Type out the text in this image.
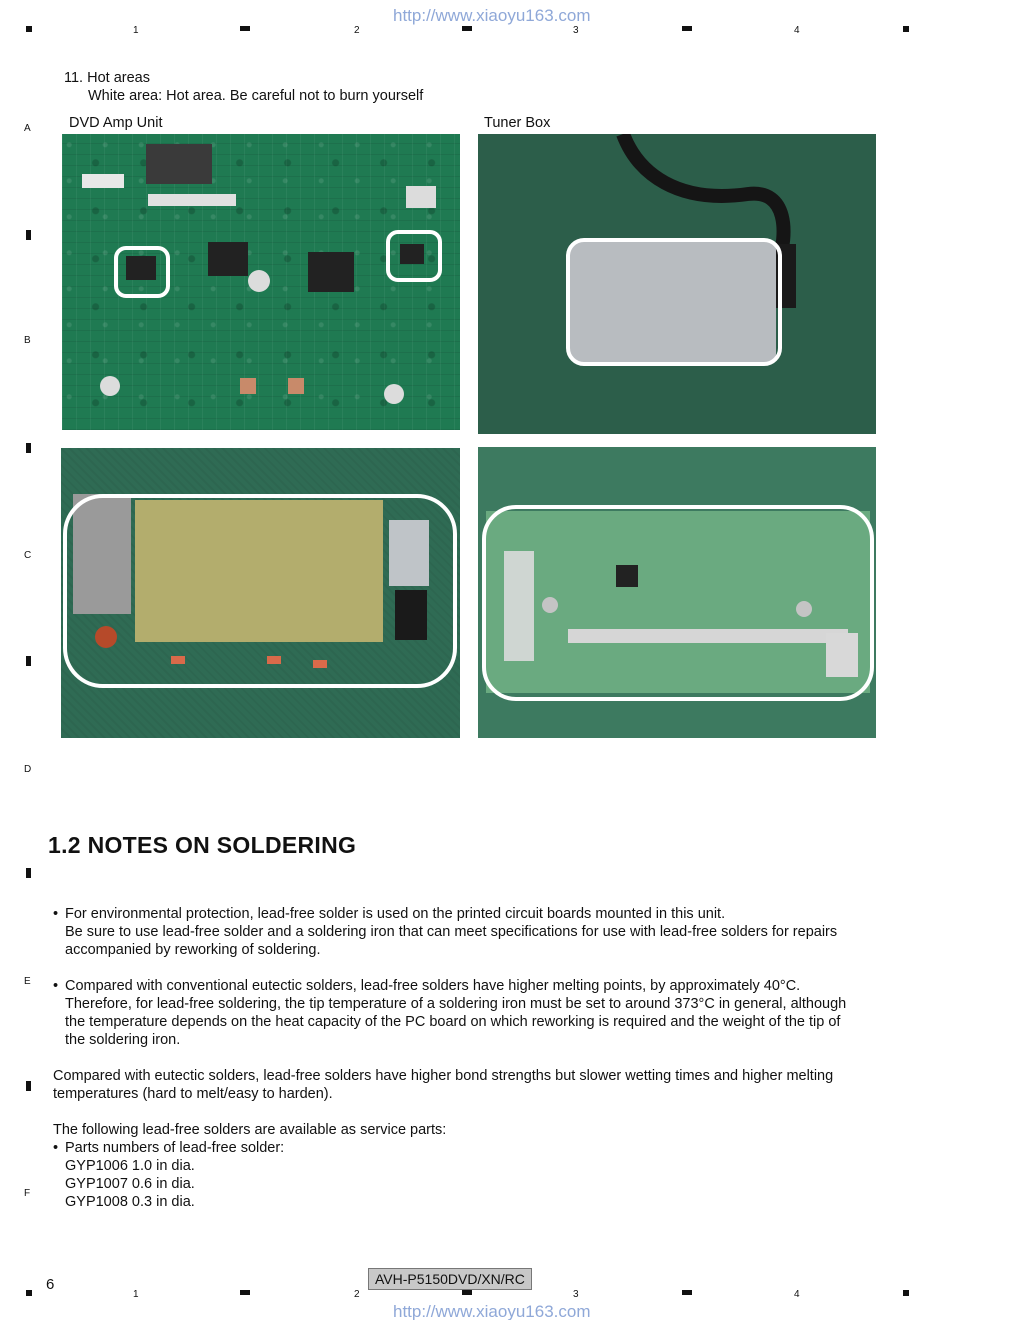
http://www.xiaoyu163.com
1	2	3	4
A
B
C
D
E
F
11. Hot areas
White area: Hot area. Be careful not to burn yourself
DVD Amp Unit	Tuner Box
1.2 NOTES ON SOLDERING
• For environmental protection, lead-free solder is used on the printed circuit boards mounted in this unit.
Be sure to use lead-free solder and a soldering iron that can meet specifications for use with lead-free solders for repairs
accompanied by reworking of soldering.
• Compared with conventional eutectic solders, lead-free solders have higher melting points, by approximately 40°C.
Therefore, for lead-free soldering, the tip temperature of a soldering iron must be set to around 373°C in general, although
the temperature depends on the heat capacity of the PC board on which reworking is required and the weight of the tip of
the soldering iron.
Compared with eutectic solders, lead-free solders have higher bond strengths but slower wetting times and higher melting
temperatures (hard to melt/easy to harden).
The following lead-free solders are available as service parts:
• Parts numbers of lead-free solder:
GYP1006 1.0 in dia.
GYP1007 0.6 in dia.
GYP1008 0.3 in dia.
6	AVH-P5150DVD/XN/RC
1	2	3	4
http://www.xiaoyu163.com
